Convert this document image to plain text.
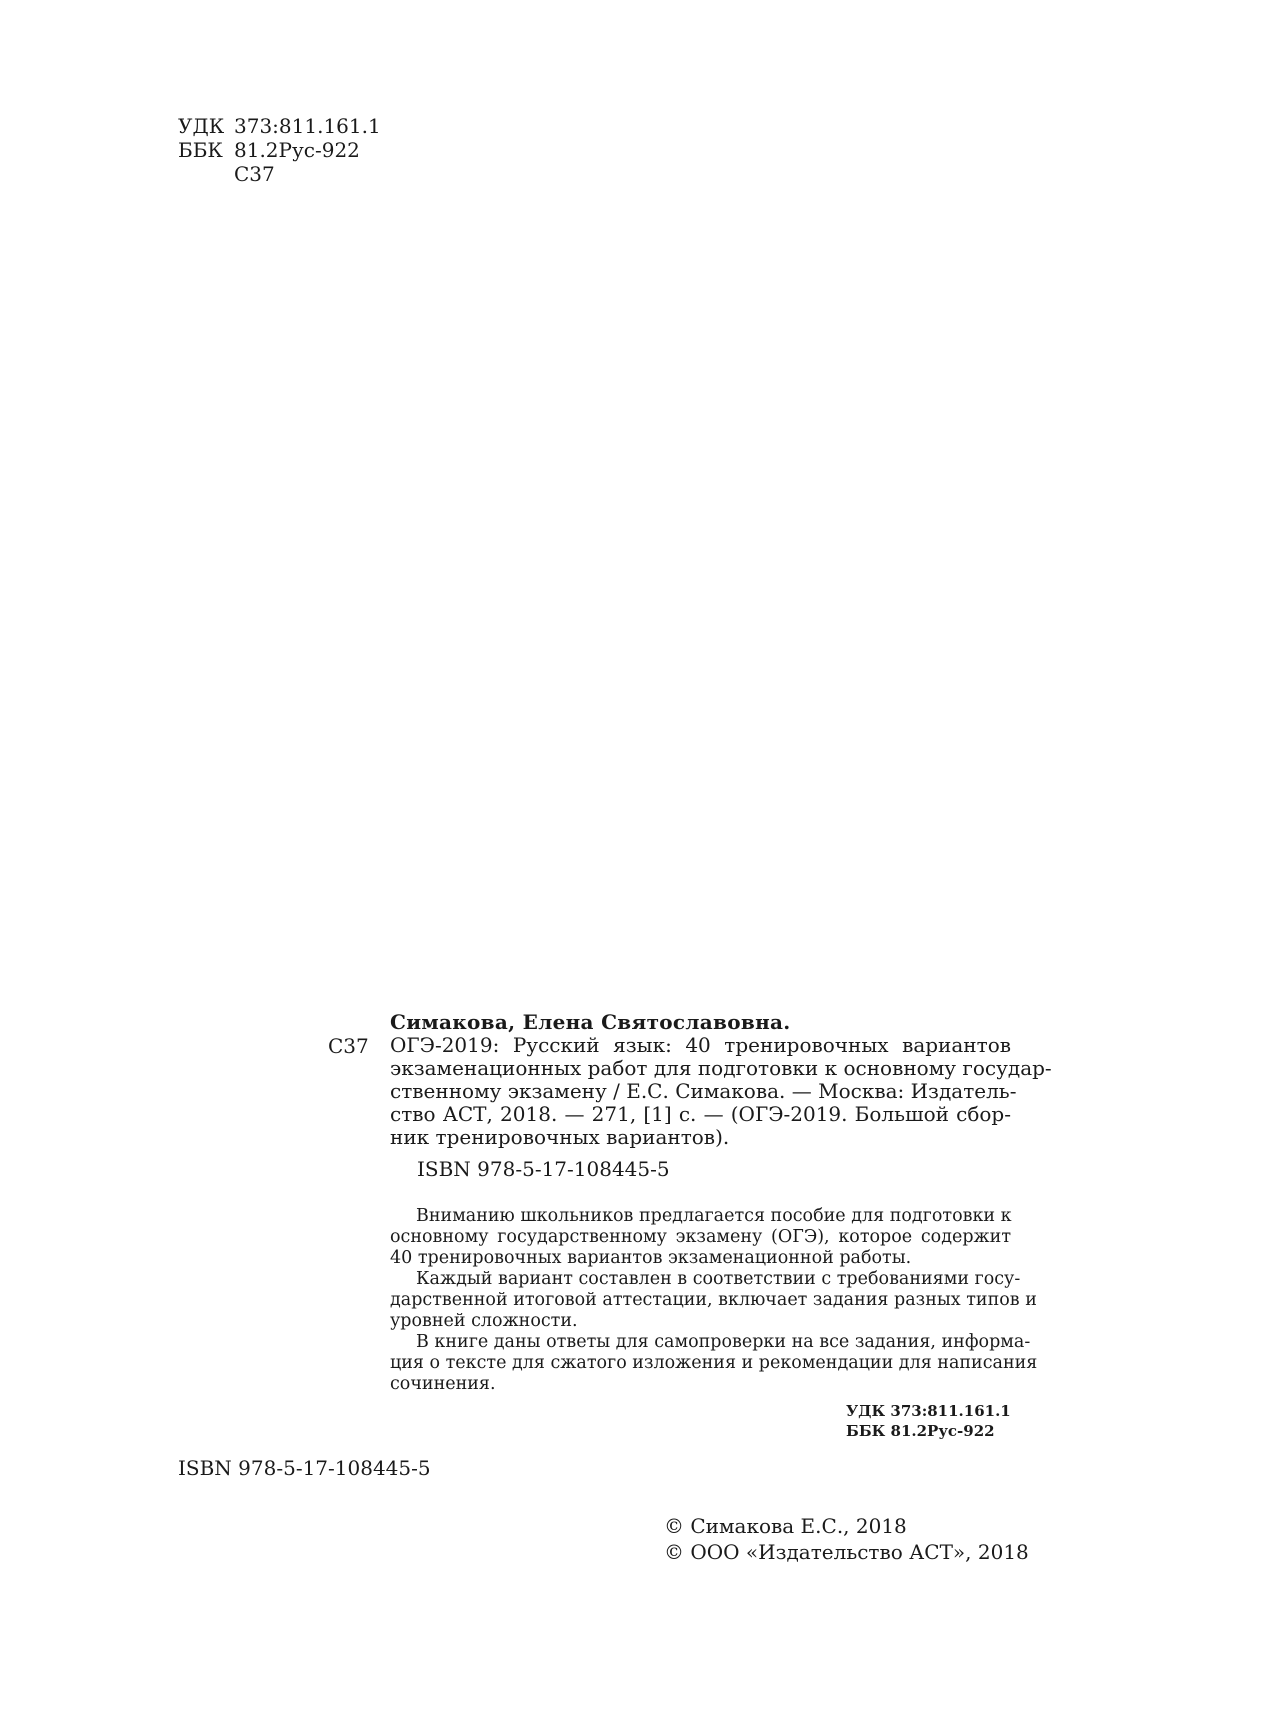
УДК 373:811.161.1
ББК 81.2Рус-922
С37
Симакова, Елена Святославовна.
С37 ОГЭ-2019: Русский язык: 40 тренировочных вариантов
экзаменационных работ для подготовки к основному государ-
ственному экзамену / Е.С. Симакова. — Москва: Издатель-
ство АСТ, 2018. — 271, [1] с. — (ОГЭ-2019. Большой сбор-
ник тренировочных вариантов).
ISBN 978-5-17-108445-5
Вниманию школьников предлагается пособие для подготовки к
основному государственному экзамену (ОГЭ), которое содержит
40 тренировочных вариантов экзаменационной работы.
Каждый вариант составлен в соответствии с требованиями госу-
дарственной итоговой аттестации, включает задания разных типов и
уровней сложности.
В книге даны ответы для самопроверки на все задания, информа-
ция о тексте для сжатого изложения и рекомендации для написания
сочинения.
УДК 373:811.161.1
ББК 81.2Рус-922
ISBN 978-5-17-108445-5
© Симакова Е.С., 2018
© ООО «Издательство АСТ», 2018
